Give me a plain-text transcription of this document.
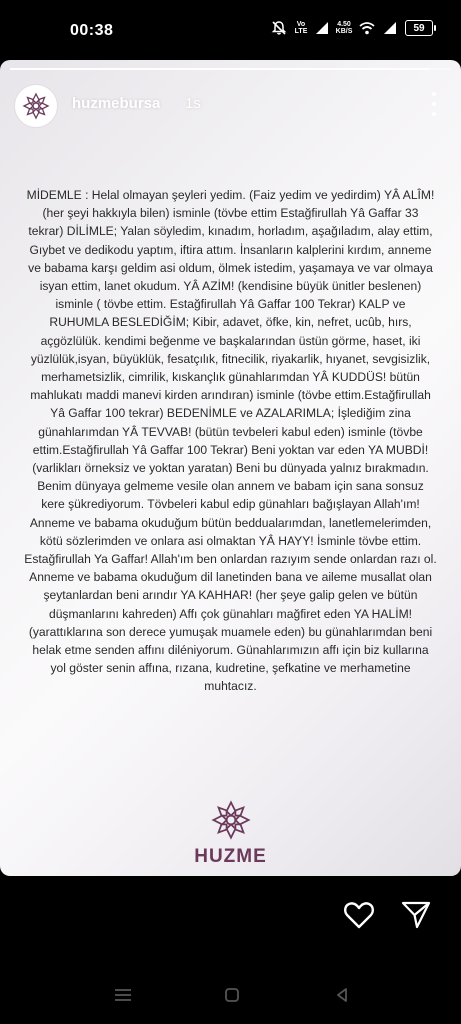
00:38	Vo LTE
4.50 KB/S	59
huzmebursa 1s
MİDEMLE : Helal olmayan şeyleri yedim. (Faiz yedim ve yedirdim) YÂ ALÎM! (her şeyi hakkıyla bilen) isminle (tövbe ettim Estağfirullah Yâ Gaffar 33 tekrar) DİLİMLE; Yalan söyledim, kınadım, horladım, aşağıladım, alay ettim, Gıybet ve dedikodu yaptım, iftira attım. İnsanların kalplerini kırdım, anneme ve babama karşı geldim asi oldum, ölmek istedim, yaşamaya ve var olmaya isyan ettim, lanet okudum. YÂ AZİM! (kendisine büyük ünitler beslenen) isminle ( tövbe ettim. Estağfirullah Yâ Gaffar 100 Tekrar) KALP ve RUHUMLA BESLEDİĞİM; Kibir, adavet, öfke, kin, nefret, ucûb, hırs, açgözlülük. kendimi beğenme ve başkalarından üstün görme, haset, iki yüzlülük,isyan, büyüklük, fesatçılık, fitnecilik, riyakarlik, hıyanet, sevgisizlik, merhametsizlik, cimrilik, kıskançlık günahlarımdan YÂ KUDDÜS! bütün mahlukatı maddi manevi kirden arındıran) isminle (tövbe ettim.Estağfirullah Yâ Gaffar 100 tekrar) BEDENİMLE ve AZALARIMLA; İşlediğim zina günahlarımdan YÂ TEVVAB! (bütün tevbeleri kabul eden) isminle (tövbe ettim.Estağfirullah Yâ Gaffar 100 Tekrar) Beni yoktan var eden YA MUBDİ! (varlikları örneksiz ve yoktan yaratan) Beni bu dünyada yalnız bırakmadın. Benim dünyaya gelmeme vesile olan annem ve babam için sana sonsuz kere şükrediyorum. Tövbeleri kabul edip günahları bağışlayan Allah'ım! Anneme ve babama okuduğum bütün beddualarımdan, lanetlemelerimden, kötü sözlerimden ve onlara asi olmaktan YÂ HAYY! İsminle tövbe ettim. Estağfirullah Ya Gaffar! Allah'ım ben onlardan razıyım sende onlardan razı ol. Anneme ve babama okuduğum dil lanetinden bana ve aileme musallat olan şeytanlardan beni arındır YA KAHHAR! (her şeye galip gelen ve bütün düşmanlarını kahreden) Affı çok günahları mağfiret eden YA HALİM! (yarattıklarına son derece yumuşak muamele eden) bu günahlarımdan beni helak etme senden affını diléniyorum. Günahlarımızın affı için biz kullarına yol göster senin affına, rızana, kudretine, şefkatine ve merhametine muhtacız.
HUZME
